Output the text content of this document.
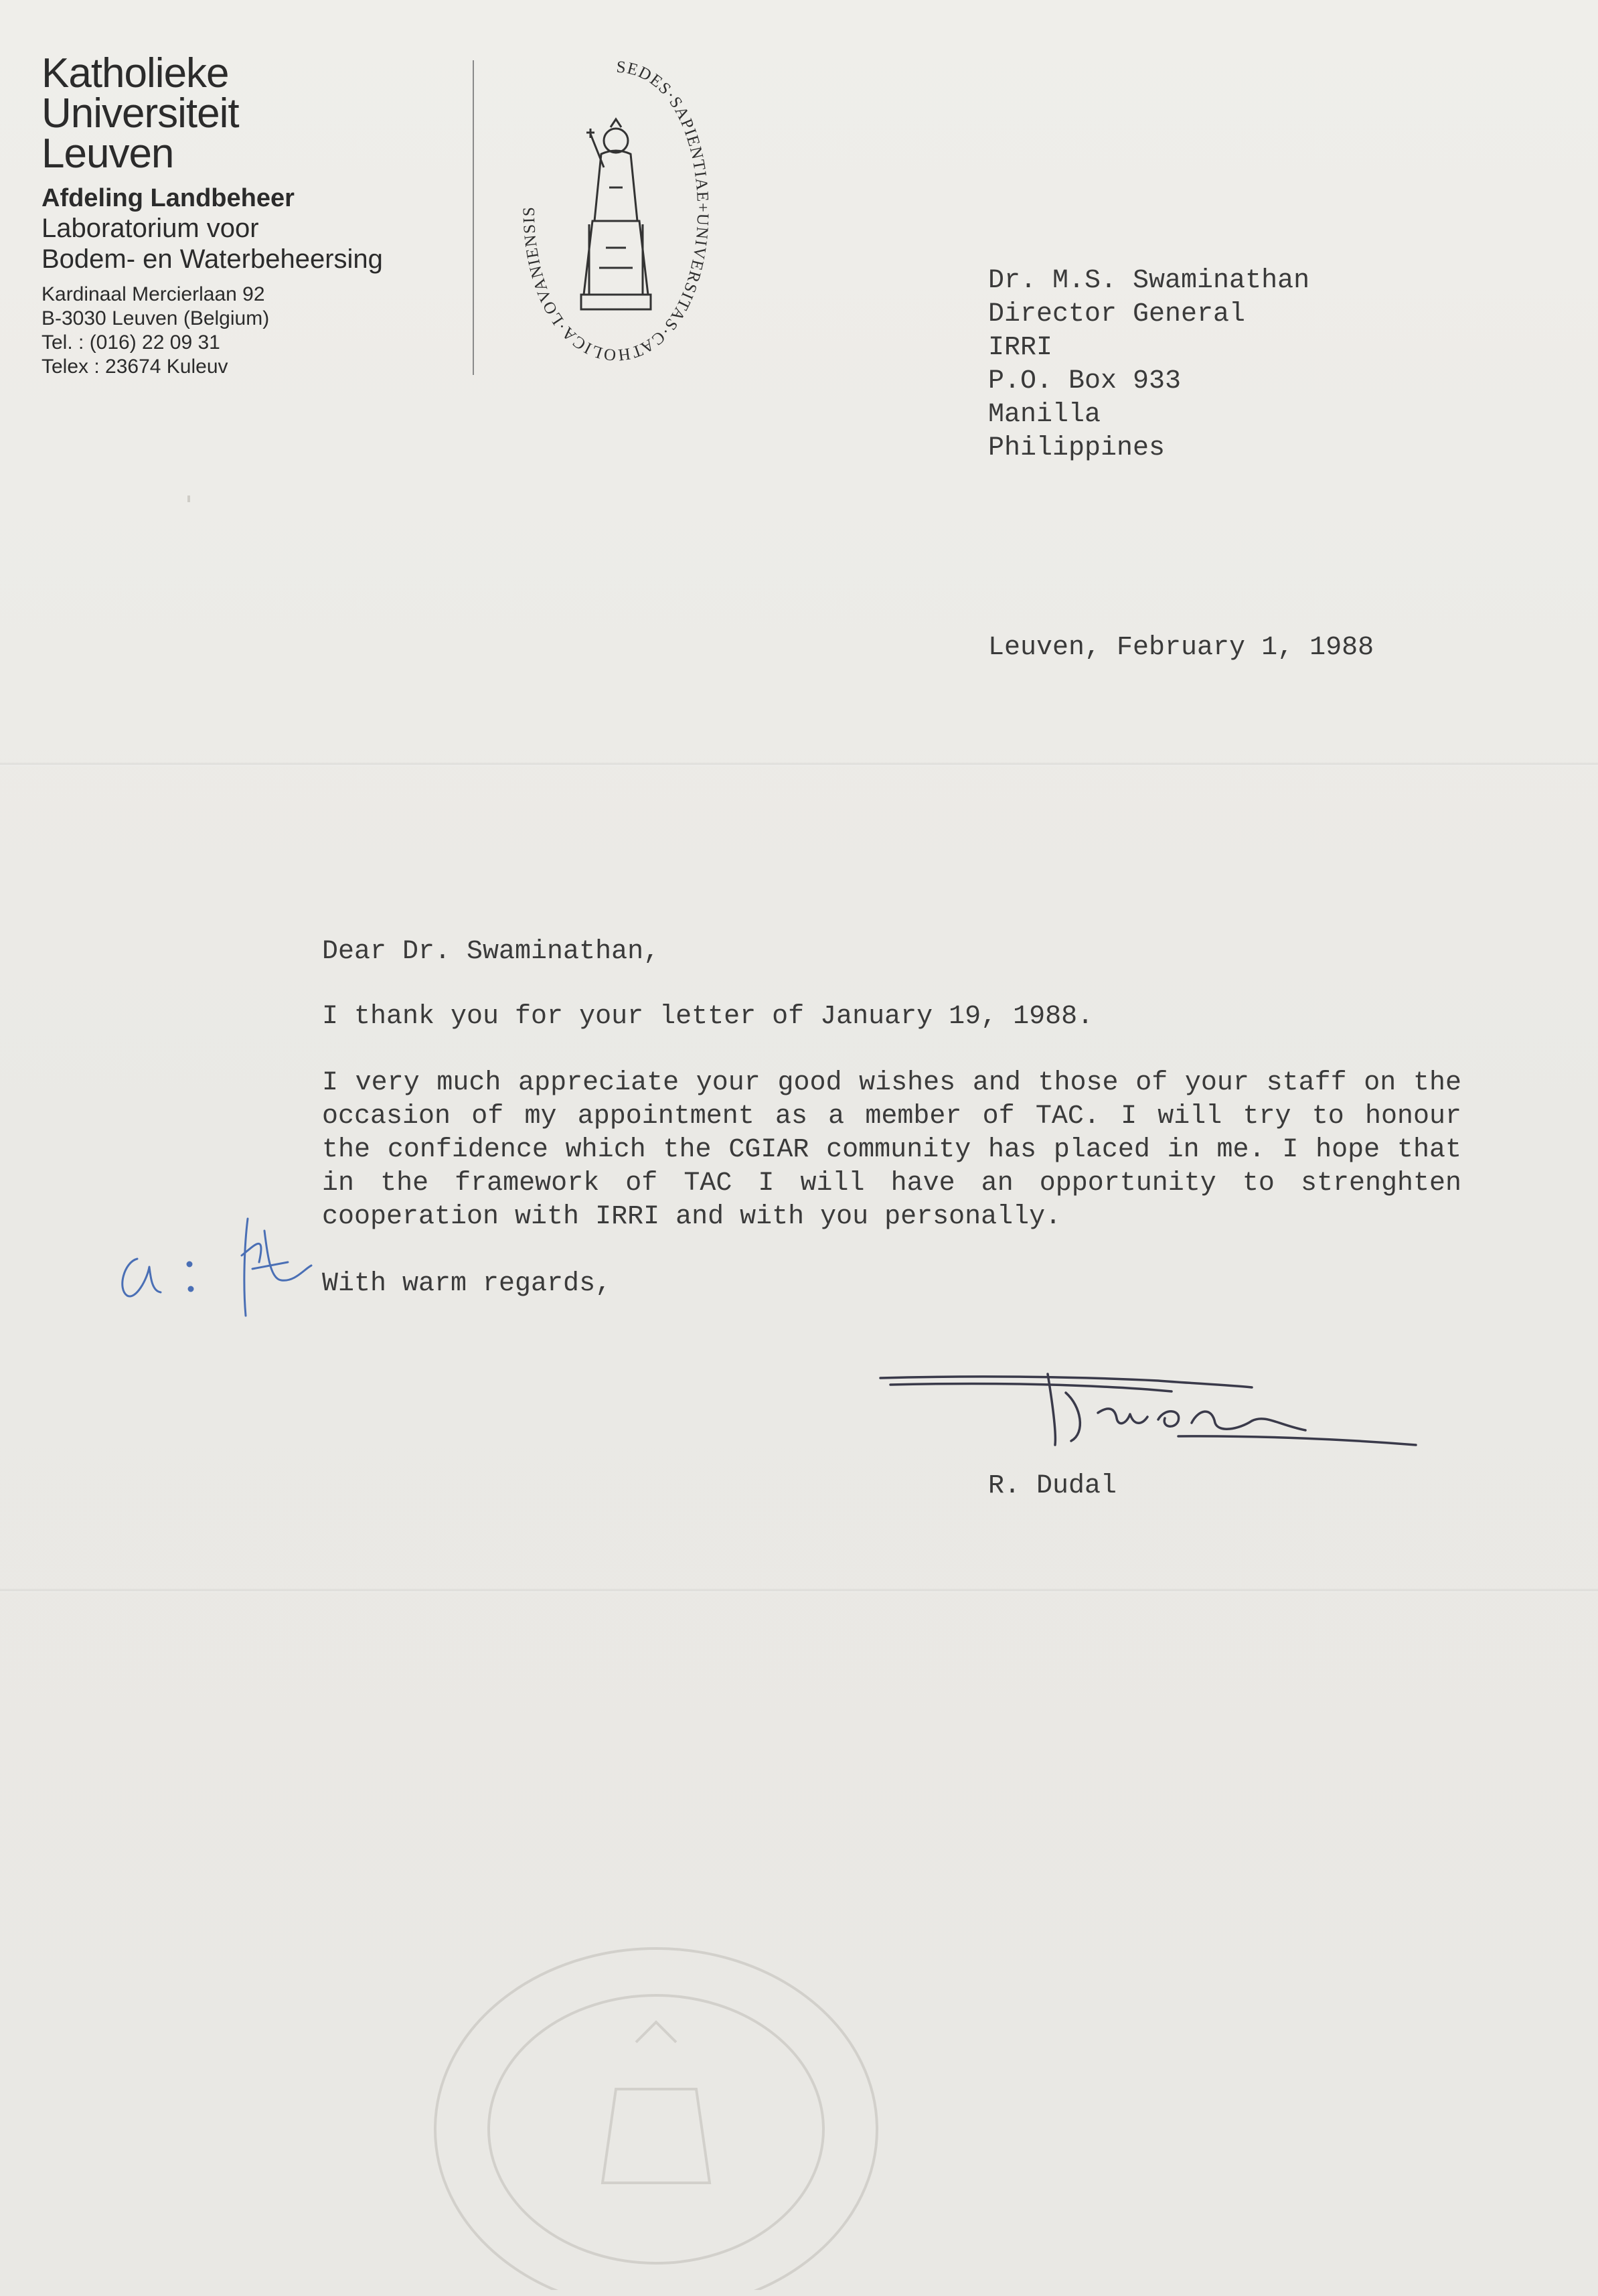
Katholieke
Universiteit
Leuven
Afdeling Landbeheer
Laboratorium voor
Bodem- en Waterbeheersing
Kardinaal Mercierlaan 92
B-3030 Leuven (Belgium)
Tel. : (016) 22 09 31
Telex : 23674 Kuleuv
SEDES·SAPIENTIAE+UNIVERSITAS·CATHOLICA·LOVANIENSIS
Dr. M.S. Swaminathan
Director General
IRRI
P.O. Box 933
Manilla
Philippines
Leuven, February 1, 1988
Dear Dr. Swaminathan,
I thank you for your letter of January 19, 1988.
I very much appreciate your good wishes and those of your staff on the occasion of my appointment as a member of TAC. I will try to honour the confidence which the CGIAR community has placed in me. I hope that in the framework of TAC I will have an opportunity to strenghten cooperation with IRRI and with you personally.
With warm regards,
R. Dudal
